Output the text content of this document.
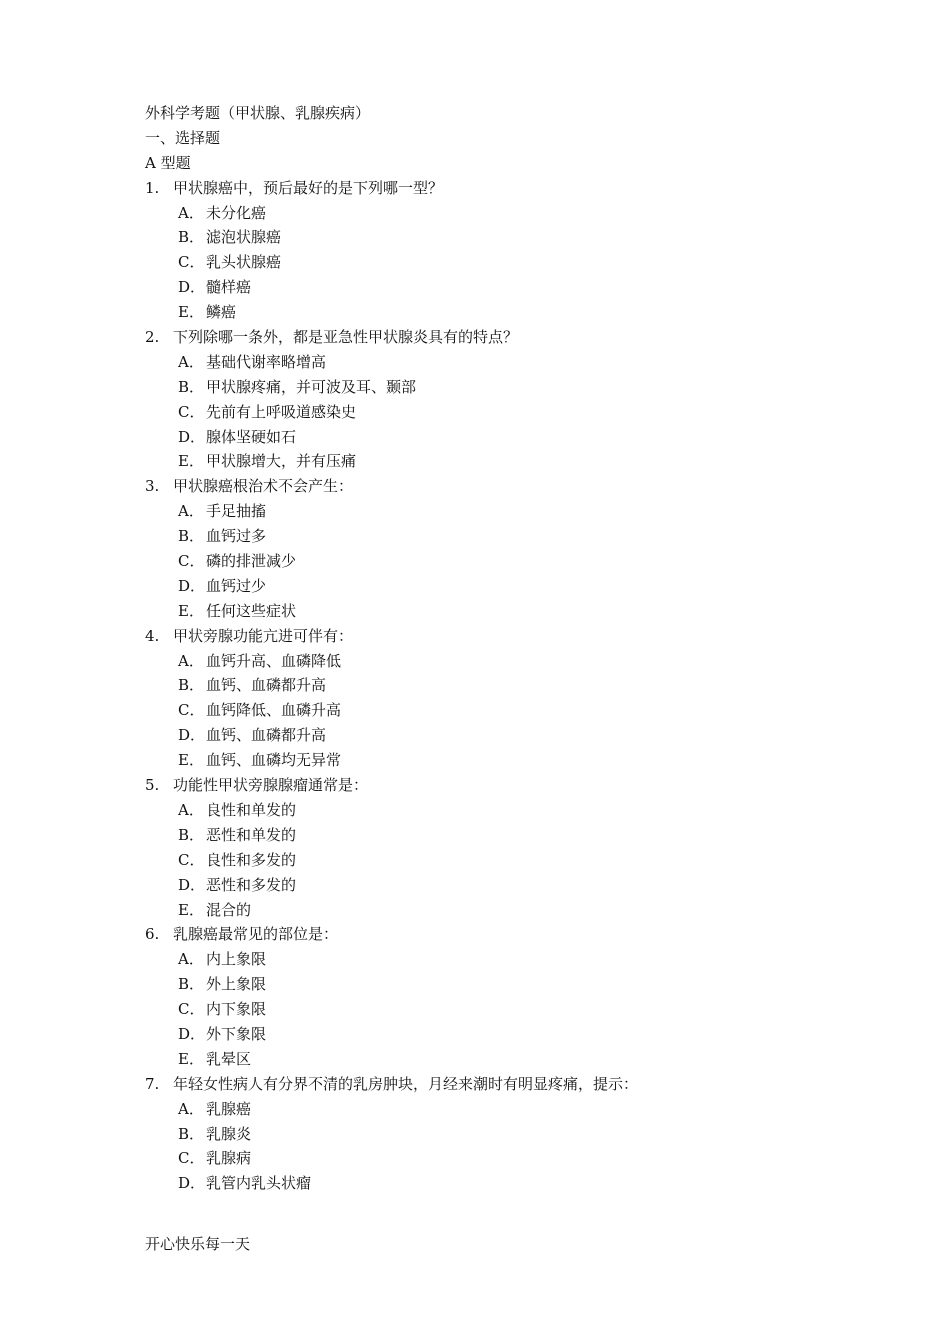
外科学考题（甲状腺、乳腺疾病）
一、选择题
A 型题
1. 甲状腺癌中，预后最好的是下列哪一型？
A． 未分化癌
B． 滤泡状腺癌
C． 乳头状腺癌
D． 髓样癌
E． 鳞癌
2. 下列除哪一条外，都是亚急性甲状腺炎具有的特点？
A． 基础代谢率略增高
B． 甲状腺疼痛，并可波及耳、颞部
C． 先前有上呼吸道感染史
D． 腺体坚硬如石
E． 甲状腺增大，并有压痛
3. 甲状腺癌根治术不会产生：
A． 手足抽搐
B． 血钙过多
C． 磷的排泄减少
D． 血钙过少
E． 任何这些症状
4. 甲状旁腺功能亢进可伴有：
A． 血钙升高、血磷降低
B． 血钙、血磷都升高
C． 血钙降低、血磷升高
D． 血钙、血磷都升高
E． 血钙、血磷均无异常
5. 功能性甲状旁腺腺瘤通常是：
A． 良性和单发的
B． 恶性和单发的
C． 良性和多发的
D． 恶性和多发的
E． 混合的
6. 乳腺癌最常见的部位是：
A． 内上象限
B． 外上象限
C． 内下象限
D． 外下象限
E． 乳晕区
7. 年轻女性病人有分界不清的乳房肿块，月经来潮时有明显疼痛，提示：
A． 乳腺癌
B． 乳腺炎
C． 乳腺病
D． 乳管内乳头状瘤
开心快乐每一天
